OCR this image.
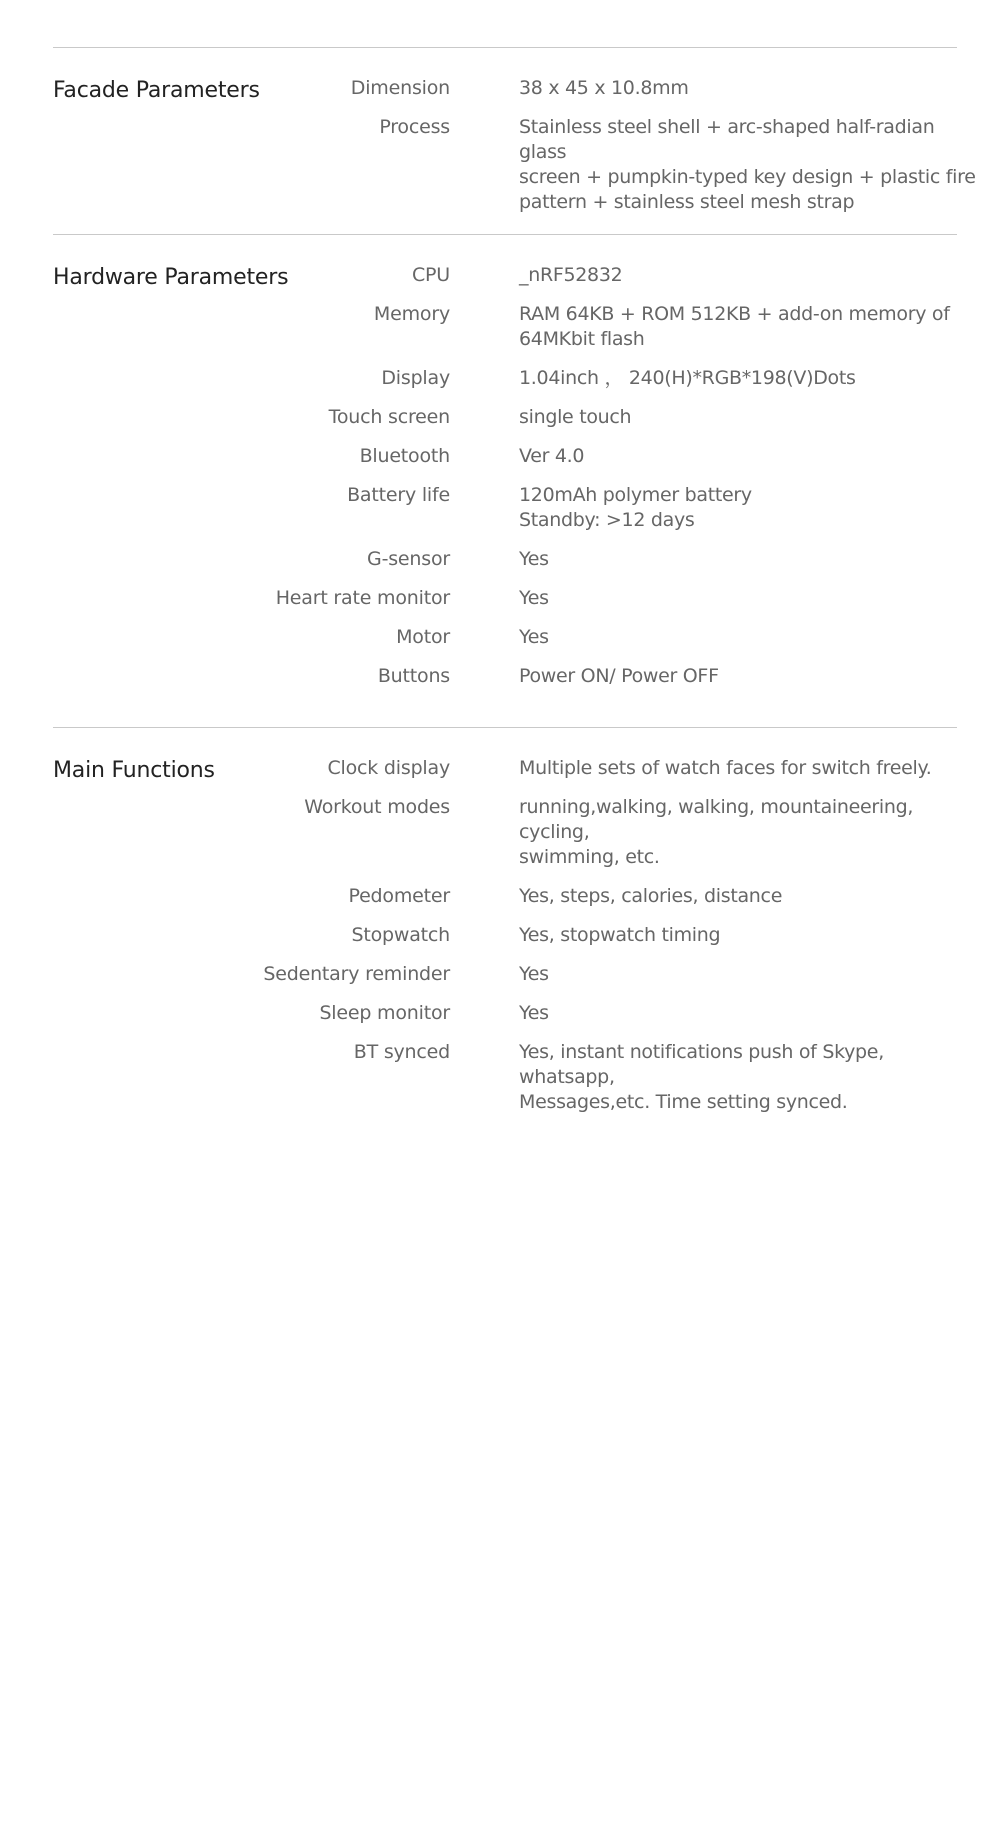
Facade Parameters	Dimension	38 x 45 x 10.8mm
Process	Stainless steel shell + arc-shaped half-radian glass
screen + pumpkin-typed key design + plastic fire
pattern + stainless steel mesh strap
Hardware Parameters	CPU	_nRF52832
Memory	RAM 64KB + ROM 512KB + add-on memory of
64MKbit flash
Display	1.04inch ， 240(H)*RGB*198(V)Dots
Touch screen	single touch
Bluetooth	Ver 4.0
Battery life	120mAh polymer battery
Standby: >12 days
G-sensor	Yes
Heart rate monitor	Yes
Motor	Yes
Buttons	Power ON/ Power OFF
Main Functions	Clock display	Multiple sets of watch faces for switch freely.
Workout modes	running,walking, walking, mountaineering, cycling,
swimming, etc.
Pedometer	Yes, steps, calories, distance
Stopwatch	Yes, stopwatch timing
Sedentary reminder	Yes
Sleep monitor	Yes
BT synced	Yes, instant notifications push of Skype, whatsapp,
Messages,etc. Time setting synced.
